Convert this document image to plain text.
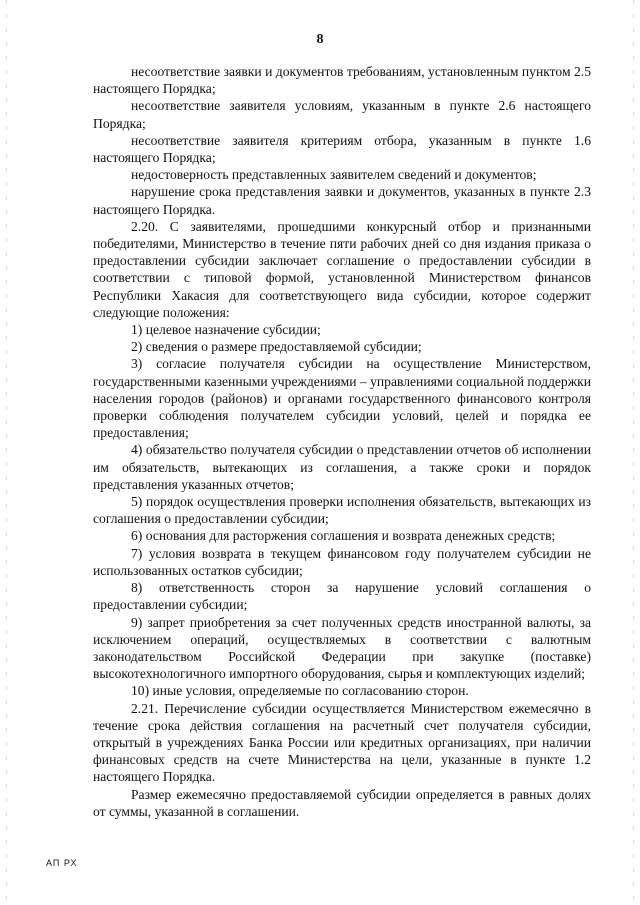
8

несоответствие заявки и документов требованиям, установленным пунктом 2.5 настоящего Порядка;

несоответствие заявителя условиям, указанным в пункте 2.6 настоящего Порядка;

несоответствие заявителя критериям отбора, указанным в пункте 1.6 настоящего Порядка;

недостоверность представленных заявителем сведений и документов;

нарушение срока представления заявки и документов, указанных в пункте 2.3 настоящего Порядка.

2.20. С заявителями, прошедшими конкурсный отбор и признанными победителями, Министерство в течение пяти рабочих дней со дня издания приказа о предоставлении субсидии заключает соглашение о предоставлении субсидии в соответствии с типовой формой, установленной Министерством финансов Республики Хакасия для соответствующего вида субсидии, которое содержит следующие положения:

1) целевое назначение субсидии;

2) сведения о размере предоставляемой субсидии;

3) согласие получателя субсидии на осуществление Министерством, государственными казенными учреждениями – управлениями социальной поддержки населения городов (районов) и органами государственного финансового контроля проверки соблюдения получателем субсидии условий, целей и порядка ее предоставления;

4) обязательство получателя субсидии о представлении отчетов об исполнении им обязательств, вытекающих из соглашения, а также сроки и порядок представления указанных отчетов;

5) порядок осуществления проверки исполнения обязательств, вытекающих из соглашения о предоставлении субсидии;

6) основания для расторжения соглашения и возврата денежных средств;

7) условия возврата в текущем финансовом году получателем субсидии не использованных остатков субсидии;

8) ответственность сторон за нарушение условий соглашения о предоставлении субсидии;

9) запрет приобретения за счет полученных средств иностранной валюты, за исключением операций, осуществляемых в соответствии с валютным законодательством Российской Федерации при закупке (поставке) высокотехнологичного импортного оборудования, сырья и комплектующих изделий;

10) иные условия, определяемые по согласованию сторон.

2.21. Перечисление субсидии осуществляется Министерством ежемесячно в течение срока действия соглашения на расчетный счет получателя субсидии, открытый в учреждениях Банка России или кредитных организациях, при наличии финансовых средств на счете Министерства на цели, указанные в пункте 1.2 настоящего Порядка.

Размер ежемесячно предоставляемой субсидии определяется в равных долях от суммы, указанной в соглашении.

АП РХ
